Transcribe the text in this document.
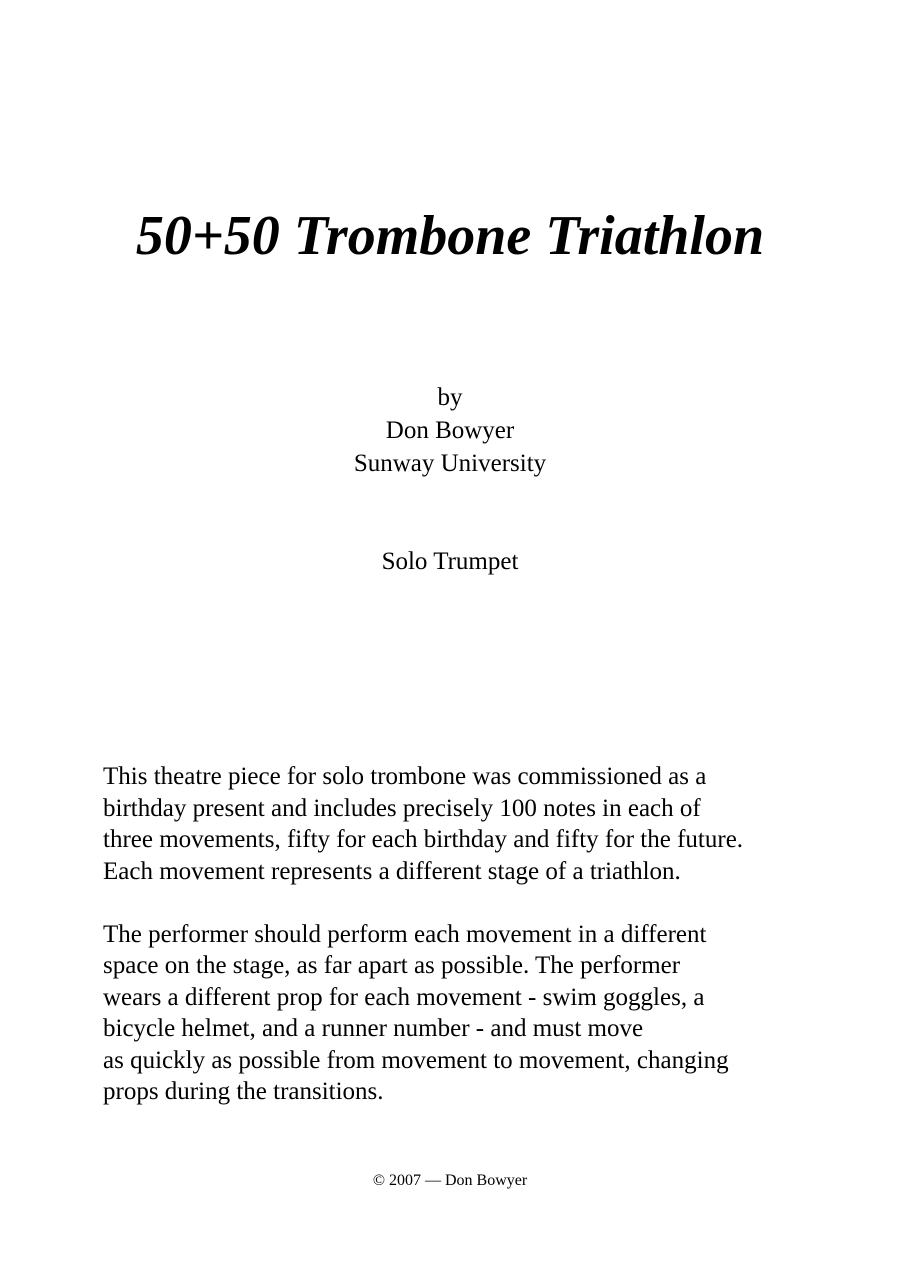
50+50 Trombone Triathlon
by
Don Bowyer
Sunway University
Solo Trumpet

This theatre piece for solo trombone was commissioned as a
birthday present and includes precisely 100 notes in each of
three movements, fifty for each birthday and fifty for the future.
Each movement represents a different stage of a triathlon.

The performer should perform each movement in a different
space on the stage, as far apart as possible. The performer
wears a different prop for each movement - swim goggles, a
bicycle helmet, and a runner number - and must move
as quickly as possible from movement to movement, changing
props during the transitions.

© 2007 — Don Bowyer
